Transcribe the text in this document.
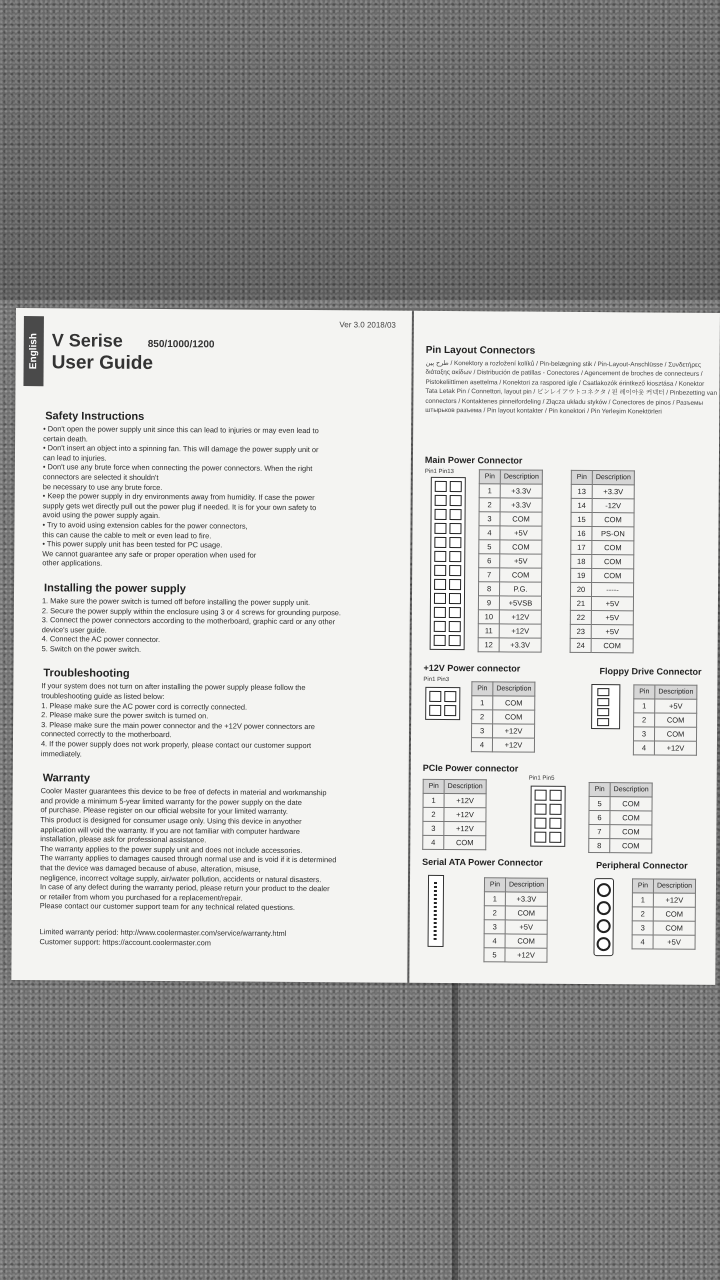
English
Ver 3.0 2018/03
V Serise 850/1000/1200
User Guide
Safety Instructions
• Don't open the power supply unit since this can lead to injuries or may even lead to
certain death.
• Don't insert an object into a spinning fan. This will damage the power supply unit or
can lead to injuries.
• Don't use any brute force when connecting the power connectors. When the right
connectors are selected it shouldn't
be necessary to use any brute force.
• Keep the power supply in dry environments away from humidity. If case the power
supply gets wet directly pull out the power plug if needed. It is for your own safety to
avoid using the power supply again.
• Try to avoid using extension cables for the power connectors,
this can cause the cable to melt or even lead to fire.
• This power supply unit has been tested for PC usage.
We cannot guarantee any safe or proper operation when used for
other applications.
Installing the power supply
1. Make sure the power switch is turned off before installing the power supply unit.
2. Secure the power supply within the enclosure using 3 or 4 screws for grounding purpose.
3. Connect the power connectors according to the motherboard, graphic card or any other
device's user guide.
4. Connect the AC power connector.
5. Switch on the power switch.
Troubleshooting
If your system does not turn on after installing the power supply please follow the
troubleshooting guide as listed below:
1. Please make sure the AC power cord is correctly connected.
2. Please make sure the power switch is turned on.
3. Please make sure the main power connector and the +12V power connectors are
connected correctly to the motherboard.
4. If the power supply does not work properly, please contact our customer support
immediately.
Warranty
Cooler Master guarantees this device to be free of defects in material and workmanship
and provide a minimum 5-year limited warranty for the power supply on the date
of purchase. Please register on our official website for your limited warranty.
This product is designed for consumer usage only. Using this device in anyother
application will void the warranty. If you are not familiar with computer hardware
installation, please ask for professional assistance.
The warranty applies to the power supply unit and does not include accessories.
The warranty applies to damages caused through normal use and is void if it is determined
that the device was damaged because of abuse, alteration, misuse,
negligence, incorrect voltage supply, air/water pollution, accidents or natural disasters.
In case of any defect during the warranty period, please return your product to the dealer
or retailer from whom you purchased for a replacement/repair.
Please contact our customer support team for any technical related questions.
Limited warranty period: http://www.coolermaster.com/service/warranty.html
Customer support: https://account.coolermaster.com
Pin Layout Connectors
طرح پین / Konektory a rozložení kolíků / Pin-belægning stik / Pin-Layout-Anschlüsse / Συνδετήρες διάταξης ακίδων / Distribución de patillas - Conectores / Agencement de broches de connecteurs / Pistokeliittimen asettelma / Konektori za raspored igle / Csatlakozók érintkező kiosztása / Konektor Tata Letak Pin / Connettori, layout pin / ピンレイアウトコネクタ / 핀 레이아웃 커넥터 / Pinbezetting van connectors / Kontaktenes pinneifordeling / Złącza układu styków / Conectores de pinos / Разъемы штырьков разъема / Pin layout kontakter / Pin konektori / Pin Yerleşim Konektörleri
Main Power Connector
Pin1 Pin13
Pin	Description
1	+3.3V
2	+3.3V
3	COM
4	+5V
5	COM
6	+5V
7	COM
8	P.G.
9	+5VSB
10	+12V
11	+12V
12	+3.3V
Pin	Description
13	+3.3V
14	-12V
15	COM
16	PS-ON
17	COM
18	COM
19	COM
20	-----
21	+5V
22	+5V
23	+5V
24	COM
+12V Power connector
Pin1 Pin3
Pin	Description
1	COM
2	COM
3	+12V
4	+12V
Floppy Drive Connector
Pin	Description
1	+5V
2	COM
3	COM
4	+12V
PCIe Power connector
Pin	Description
1	+12V
2	+12V
3	+12V
4	COM
Pin1 Pin5
Pin	Description
5	COM
6	COM
7	COM
8	COM
Serial ATA Power Connector
Pin	Description
1	+3.3V
2	COM
3	+5V
4	COM
5	+12V
Peripheral Connector
Pin	Description
1	+12V
2	COM
3	COM
4	+5V
